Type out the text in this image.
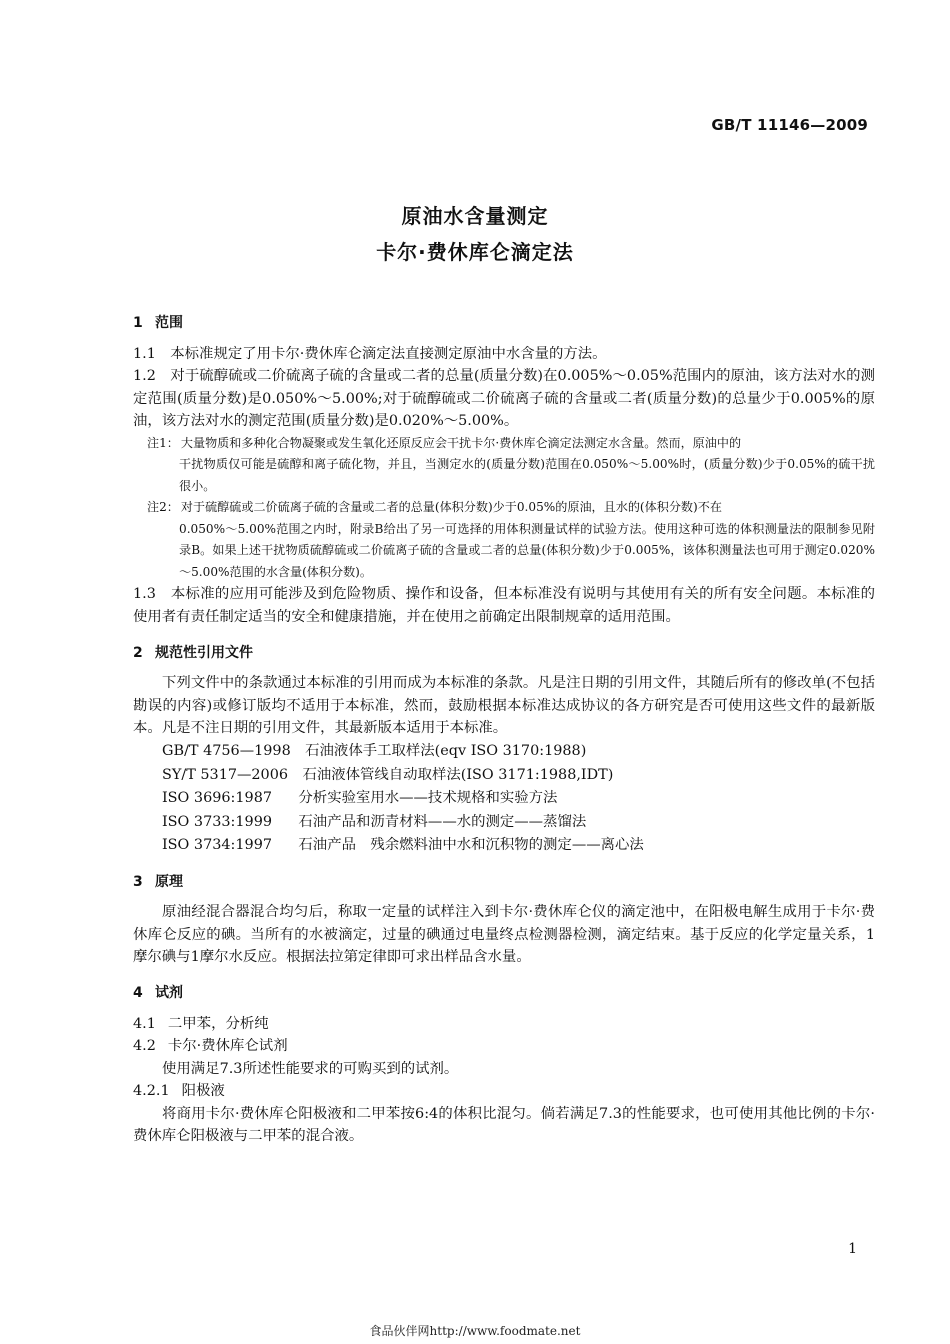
GB/T 11146—2009
原油水含量测定
卡尔·费休库仑滴定法
1 范围

1.1　本标准规定了用卡尔·费休库仑滴定法直接测定原油中水含量的方法。

1.2　对于硫醇硫或二价硫离子硫的含量或二者的总量(质量分数)在0.005%～0.05%范围内的原油，该方法对水的测定范围(质量分数)是0.050%～5.00%;对于硫醇硫或二价硫离子硫的含量或二者(质量分数)的总量少于0.005%的原油，该方法对水的测定范围(质量分数)是0.020%～5.00%。

注1： 大量物质和多种化合物凝聚或发生氧化还原反应会干扰卡尔·费休库仑滴定法测定水含量。然而，原油中的
干扰物质仅可能是硫醇和离子硫化物，并且，当测定水的(质量分数)范围在0.050%～5.00%时，(质量分数)少于0.05%的硫干扰很小。
注2： 对于硫醇硫或二价硫离子硫的含量或二者的总量(体积分数)少于0.05%的原油，且水的(体积分数)不在
0.050%～5.00%范围之内时，附录B给出了另一可选择的用体积测量试样的试验方法。使用这种可选的体积测量法的限制参见附录B。如果上述干扰物质硫醇硫或二价硫离子硫的含量或二者的总量(体积分数)少于0.005%，该体积测量法也可用于测定0.020%～5.00%范围的水含量(体积分数)。

1.3　本标准的应用可能涉及到危险物质、操作和设备，但本标准没有说明与其使用有关的所有安全问题。本标准的使用者有责任制定适当的安全和健康措施，并在使用之前确定出限制规章的适用范围。

2 规范性引用文件

下列文件中的条款通过本标准的引用而成为本标准的条款。凡是注日期的引用文件，其随后所有的修改单(不包括勘误的内容)或修订版均不适用于本标准，然而，鼓励根据本标准达成协议的各方研究是否可使用这些文件的最新版本。凡是不注日期的引用文件，其最新版本适用于本标准。

GB/T 4756—1998　 石油液体手工取样法(eqv ISO 3170:1988)
SY/T 5317—2006　 石油液体管线自动取样法(ISO 3171:1988,IDT)
ISO 3696:1987　 分析实验室用水——技术规格和实验方法
ISO 3733:1999　 石油产品和沥青材料——水的测定——蒸馏法
ISO 3734:1997　 石油产品　残余燃料油中水和沉积物的测定——离心法
3 原理

原油经混合器混合均匀后，称取一定量的试样注入到卡尔·费休库仑仪的滴定池中，在阳极电解生成用于卡尔·费休库仑反应的碘。当所有的水被滴定，过量的碘通过电量终点检测器检测，滴定结束。基于反应的化学定量关系，1摩尔碘与1摩尔水反应。根据法拉第定律即可求出样品含水量。

4 试剂

4.1 二甲苯，分析纯

4.2 卡尔·费休库仑试剂

使用满足7.3所述性能要求的可购买到的试剂。

4.2.1 阳极液

将商用卡尔·费休库仑阳极液和二甲苯按6:4的体积比混匀。倘若满足7.3的性能要求，也可使用其他比例的卡尔·费休库仑阳极液与二甲苯的混合液。

1
食品伙伴网http://www.foodmate.net
